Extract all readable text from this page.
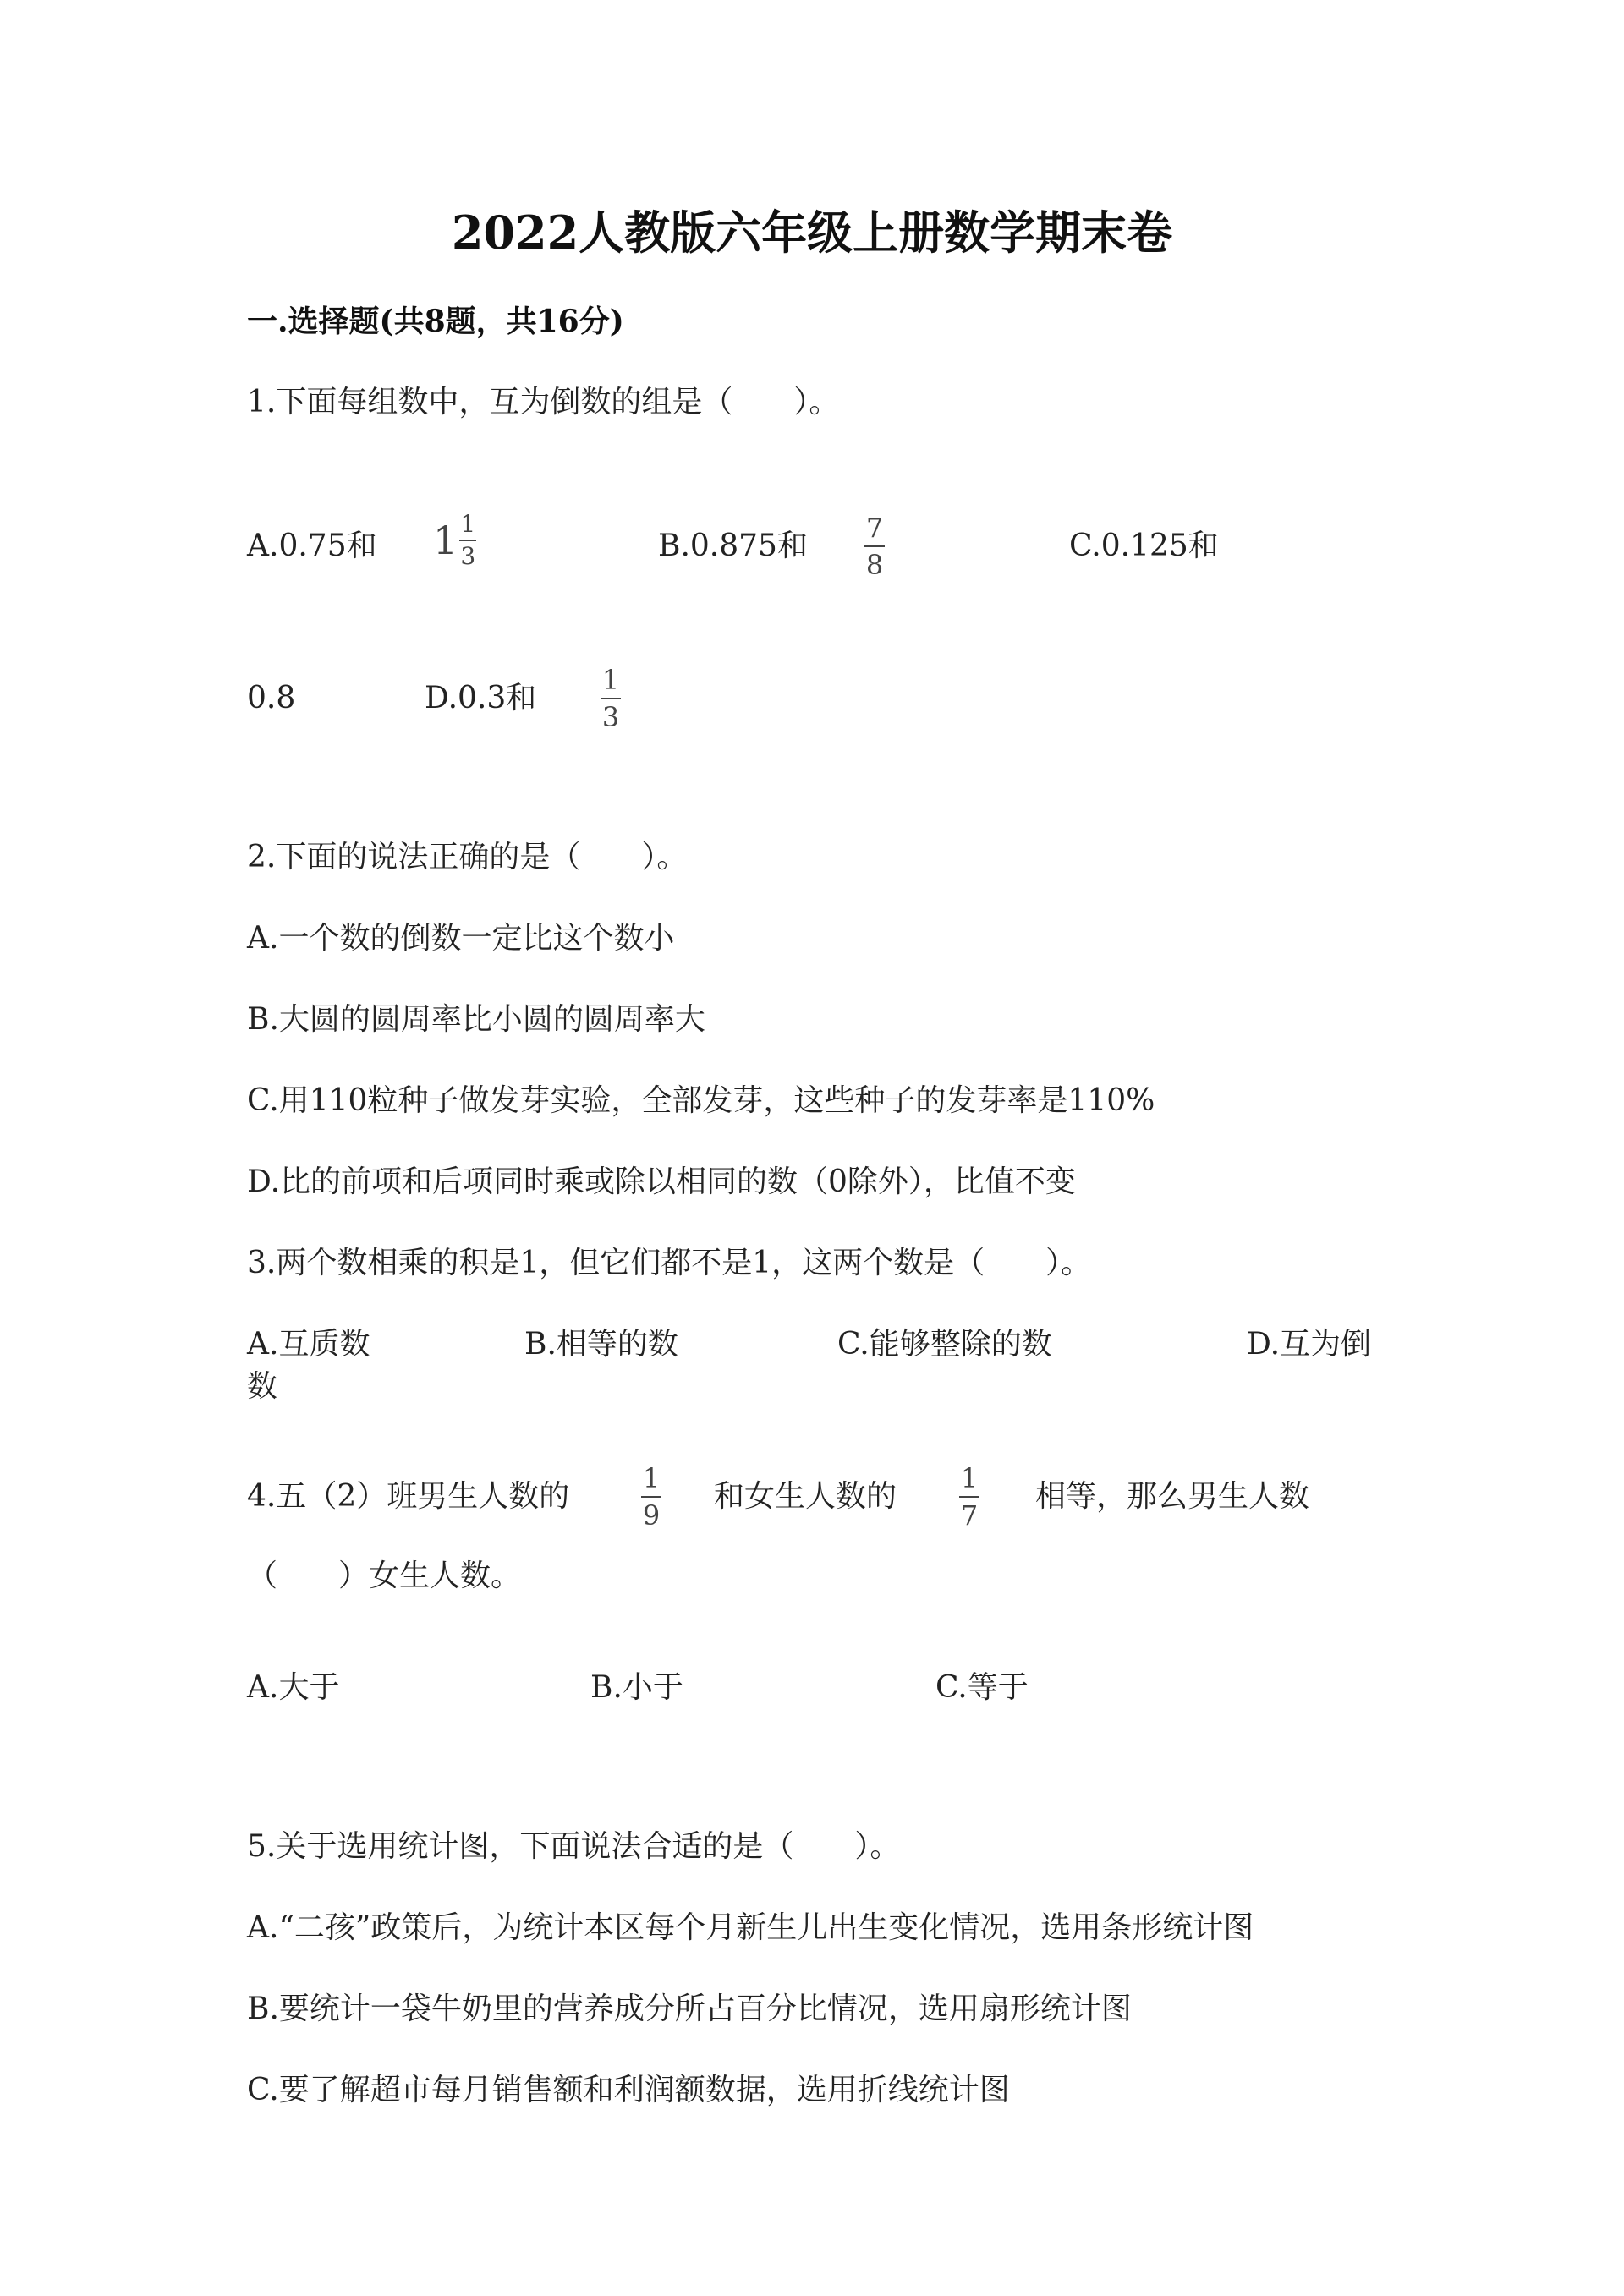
2022人教版六年级上册数学期末卷
一.选择题(共8题，共16分)
1.下面每组数中，互为倒数的组是（　　）。
A.0.75和 $1 \frac{1}{3}$	B.0.875和
7
8
C.0.125和
0.8	D.0.3和
1
3
2.下面的说法正确的是（　　）。
A.一个数的倒数一定比这个数小
B.大圆的圆周率比小圆的圆周率大
C.用110粒种子做发芽实验，全部发芽，这些种子的发芽率是110%
D.比的前项和后项同时乘或除以相同的数（0除外），比值不变
3.两个数相乘的积是1，但它们都不是1，这两个数是（　　）。
A.互质数	B.相等的数	C.能够整除的数	D.互为倒
数
4.五（2）班男生人数的
1
9
和女生人数的
1
7
相等，那么男生人数
（　　）女生人数。
A.大于	B.小于	C.等于
5.关于选用统计图，下面说法合适的是（　　）。
A.“二孩”政策后，为统计本区每个月新生儿出生变化情况，选用条形统计图
B.要统计一袋牛奶里的营养成分所占百分比情况，选用扇形统计图
C.要了解超市每月销售额和利润额数据，选用折线统计图
